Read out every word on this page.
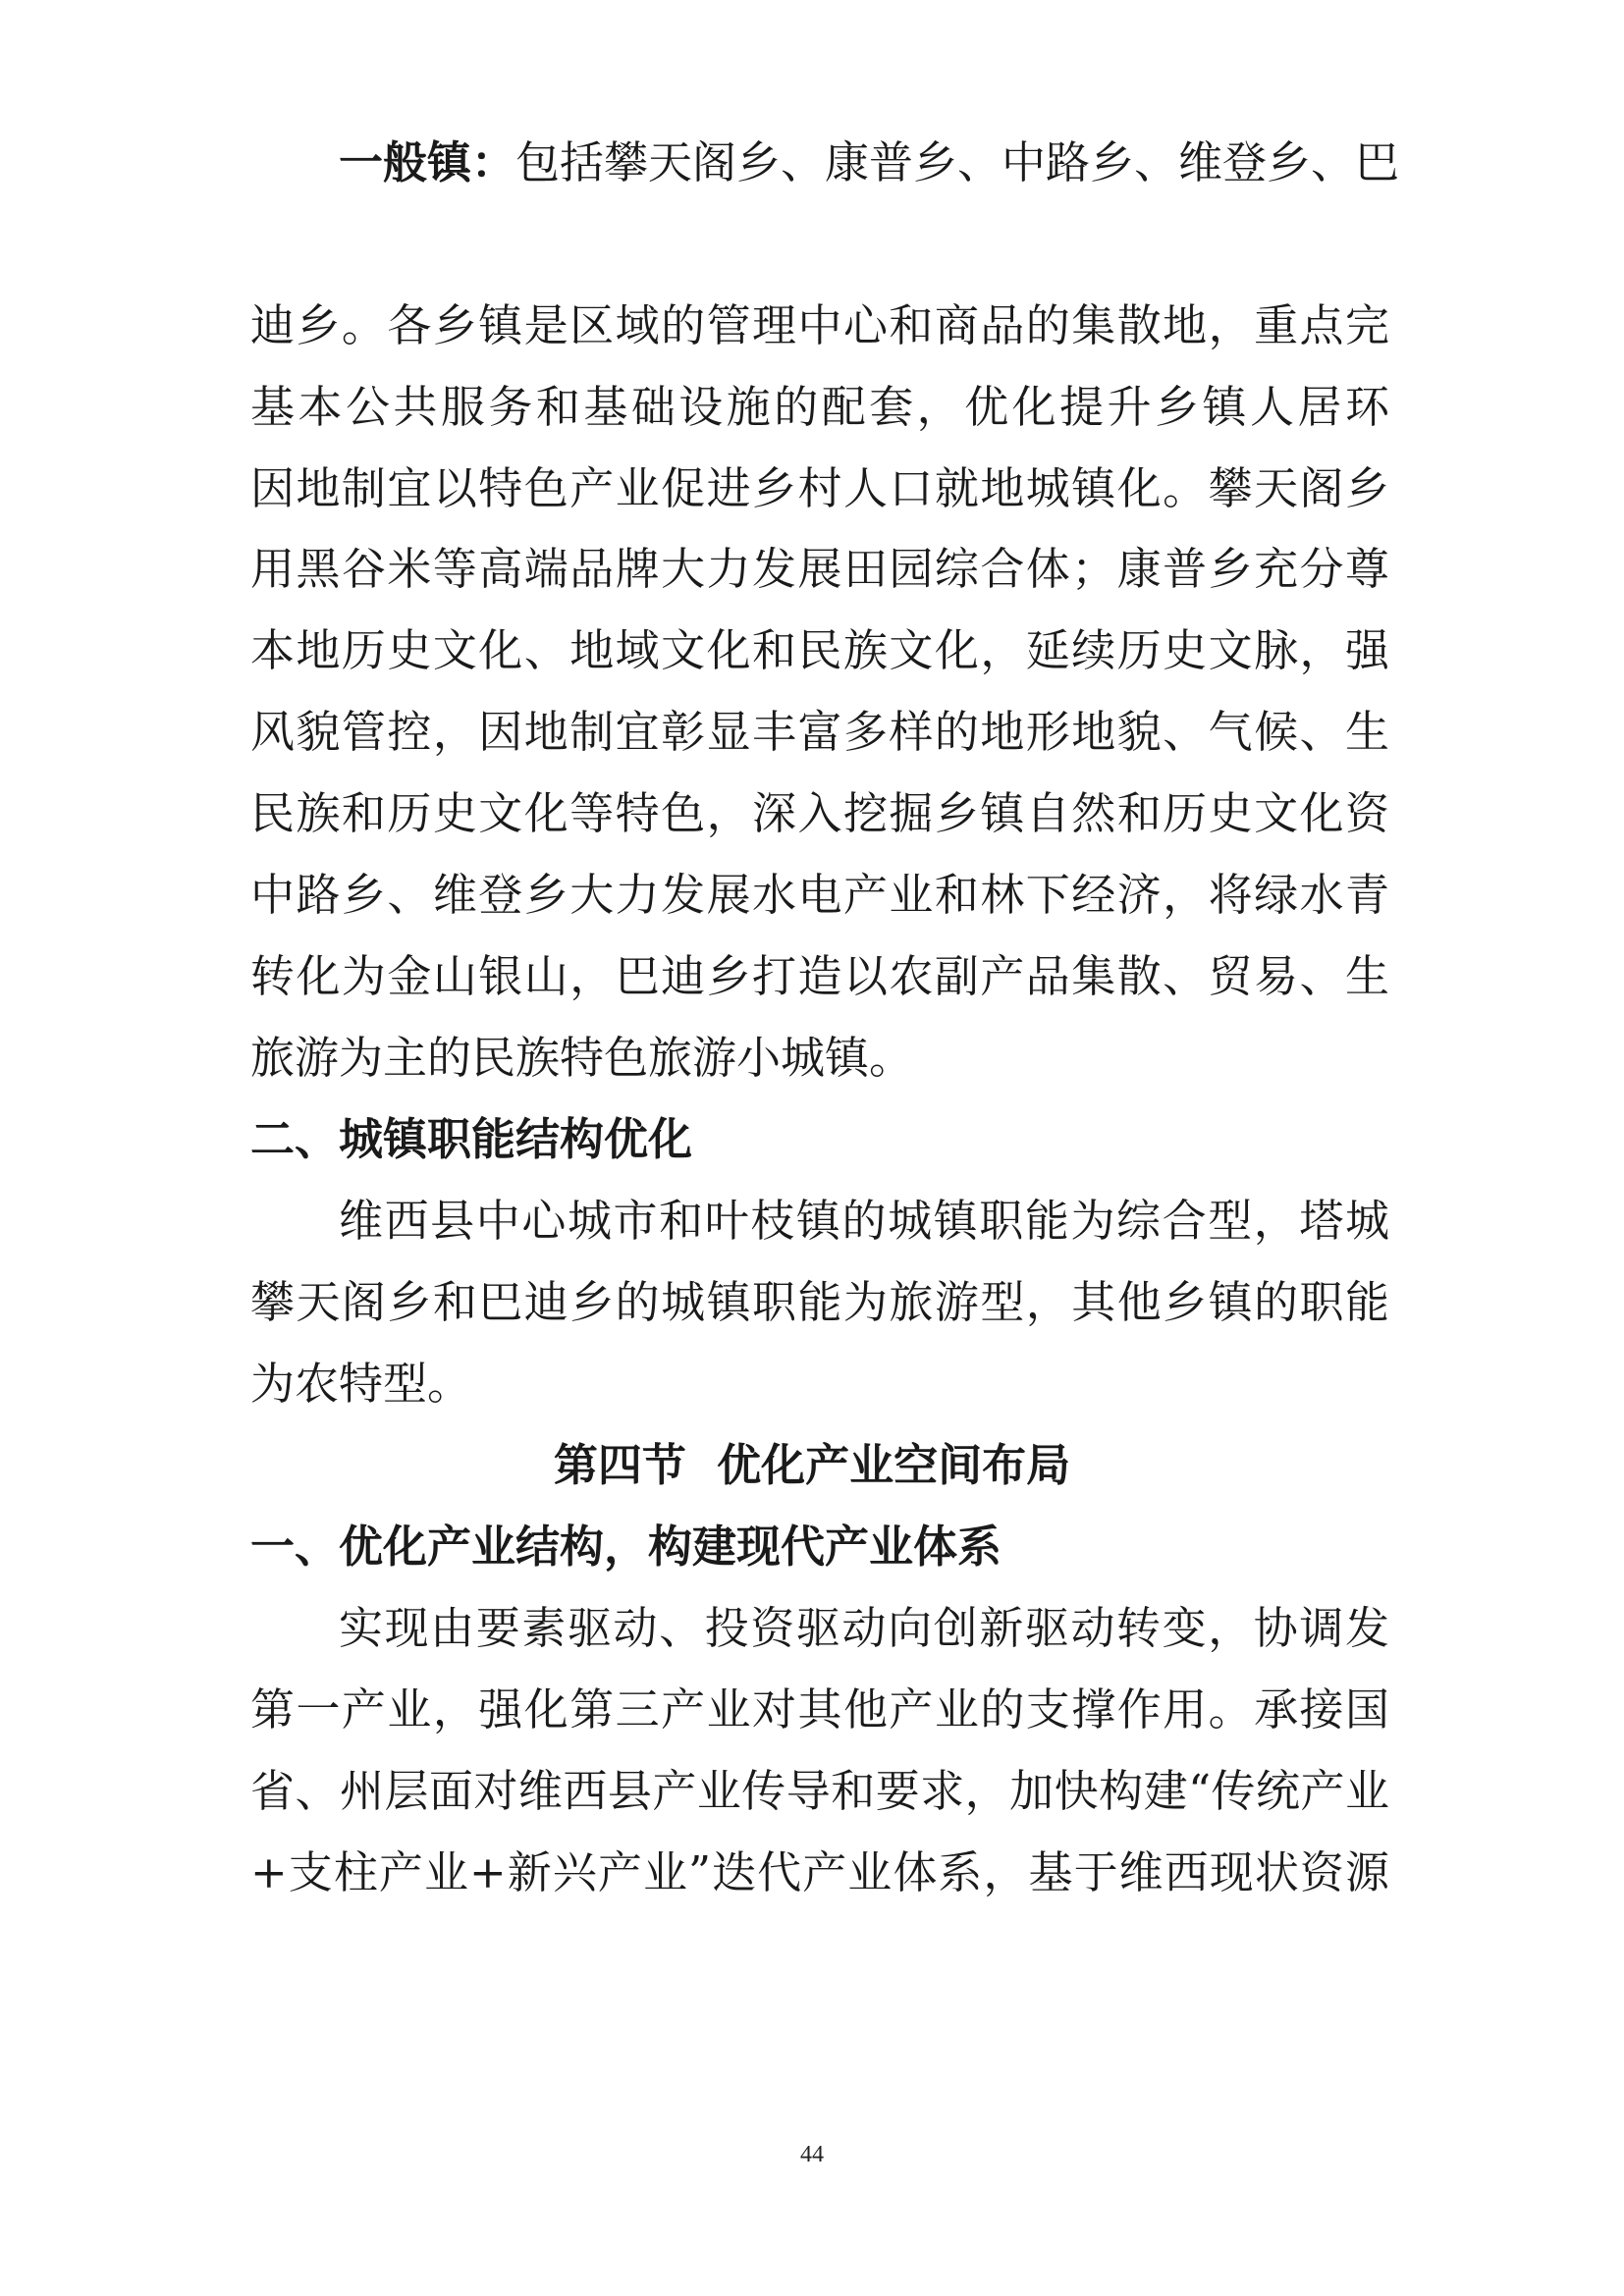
一般镇：包括攀天阁乡、康普乡、中路乡、维登乡、巴
迪乡。各乡镇是区域的管理中心和商品的集散地，重点完
基本公共服务和基础设施的配套，优化提升乡镇人居环
因地制宜以特色产业促进乡村人口就地城镇化。攀天阁乡
用黑谷米等高端品牌大力发展田园综合体；康普乡充分尊
本地历史文化、地域文化和民族文化，延续历史文脉，强
风貌管控，因地制宜彰显丰富多样的地形地貌、气候、生
民族和历史文化等特色，深入挖掘乡镇自然和历史文化资
中路乡、维登乡大力发展水电产业和林下经济，将绿水青
转化为金山银山，巴迪乡打造以农副产品集散、贸易、生
旅游为主的民族特色旅游小城镇。
二、城镇职能结构优化
维西县中心城市和叶枝镇的城镇职能为综合型，塔城
攀天阁乡和巴迪乡的城镇职能为旅游型，其他乡镇的职能
为农特型。
第四节  优化产业空间布局
一、优化产业结构，构建现代产业体系
实现由要素驱动、投资驱动向创新驱动转变，协调发
第一产业，强化第三产业对其他产业的支撑作用。承接国
省、州层面对维西县产业传导和要求，加快构建“传统产业
+支柱产业+新兴产业”迭代产业体系，基于维西现状资源
44
